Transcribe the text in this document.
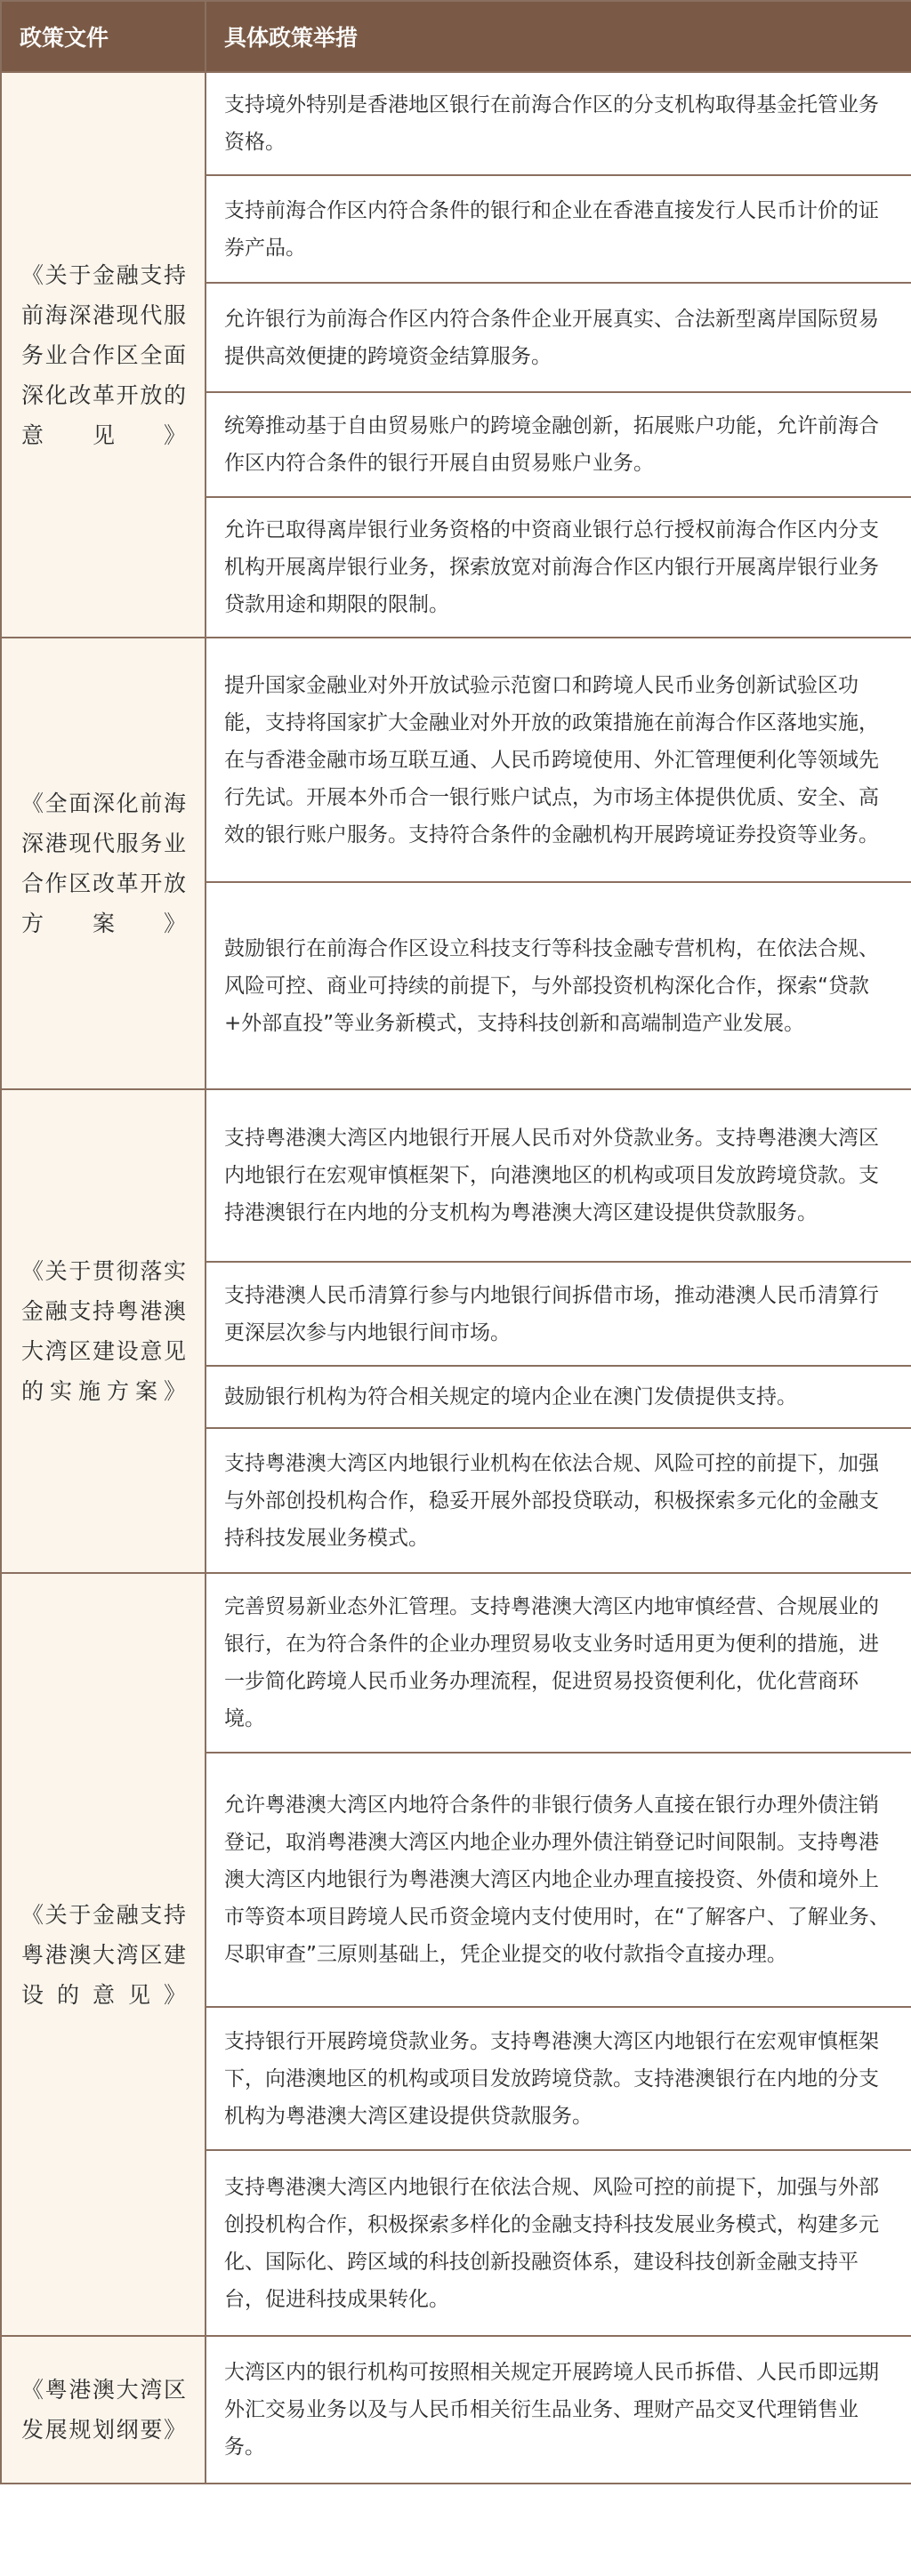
政策文件	具体政策举措
《关于金融支持前海深港现代服务业合作区全面深化改革开放的意见》	支持境外特别是香港地区银行在前海合作区的分支机构取得基金托管业务资格。
	支持前海合作区内符合条件的银行和企业在香港直接发行人民币计价的证券产品。
	允许银行为前海合作区内符合条件企业开展真实、合法新型离岸国际贸易提供高效便捷的跨境资金结算服务。
	统筹推动基于自由贸易账户的跨境金融创新，拓展账户功能，允许前海合作区内符合条件的银行开展自由贸易账户业务。
	允许已取得离岸银行业务资格的中资商业银行总行授权前海合作区内分支机构开展离岸银行业务，探索放宽对前海合作区内银行开展离岸银行业务贷款用途和期限的限制。
《全面深化前海深港现代服务业合作区改革开放方案》	提升国家金融业对外开放试验示范窗口和跨境人民币业务创新试验区功能，支持将国家扩大金融业对外开放的政策措施在前海合作区落地实施，在与香港金融市场互联互通、人民币跨境使用、外汇管理便利化等领域先行先试。开展本外币合一银行账户试点，为市场主体提供优质、安全、高效的银行账户服务。支持符合条件的金融机构开展跨境证券投资等业务。
	鼓励银行在前海合作区设立科技支行等科技金融专营机构，在依法合规、风险可控、商业可持续的前提下，与外部投资机构深化合作，探索“贷款+外部直投”等业务新模式，支持科技创新和高端制造产业发展。
《关于贯彻落实金融支持粤港澳大湾区建设意见的实施方案》	支持粤港澳大湾区内地银行开展人民币对外贷款业务。支持粤港澳大湾区内地银行在宏观审慎框架下，向港澳地区的机构或项目发放跨境贷款。支持港澳银行在内地的分支机构为粤港澳大湾区建设提供贷款服务。
	支持港澳人民币清算行参与内地银行间拆借市场，推动港澳人民币清算行更深层次参与内地银行间市场。
	鼓励银行机构为符合相关规定的境内企业在澳门发债提供支持。
	支持粤港澳大湾区内地银行业机构在依法合规、风险可控的前提下，加强与外部创投机构合作，稳妥开展外部投贷联动，积极探索多元化的金融支持科技发展业务模式。
《关于金融支持粤港澳大湾区建设的意见》	完善贸易新业态外汇管理。支持粤港澳大湾区内地审慎经营、合规展业的银行，在为符合条件的企业办理贸易收支业务时适用更为便利的措施，进一步简化跨境人民币业务办理流程，促进贸易投资便利化，优化营商环境。
	允许粤港澳大湾区内地符合条件的非银行债务人直接在银行办理外债注销登记，取消粤港澳大湾区内地企业办理外债注销登记时间限制。支持粤港澳大湾区内地银行为粤港澳大湾区内地企业办理直接投资、外债和境外上市等资本项目跨境人民币资金境内支付使用时，在“了解客户、了解业务、尽职审查”三原则基础上，凭企业提交的收付款指令直接办理。
	支持银行开展跨境贷款业务。支持粤港澳大湾区内地银行在宏观审慎框架下，向港澳地区的机构或项目发放跨境贷款。支持港澳银行在内地的分支机构为粤港澳大湾区建设提供贷款服务。
	支持粤港澳大湾区内地银行在依法合规、风险可控的前提下，加强与外部创投机构合作，积极探索多样化的金融支持科技发展业务模式，构建多元化、国际化、跨区域的科技创新投融资体系，建设科技创新金融支持平台，促进科技成果转化。
《粤港澳大湾区发展规划纲要》	大湾区内的银行机构可按照相关规定开展跨境人民币拆借、人民币即远期外汇交易业务以及与人民币相关衍生品业务、理财产品交叉代理销售业务。
